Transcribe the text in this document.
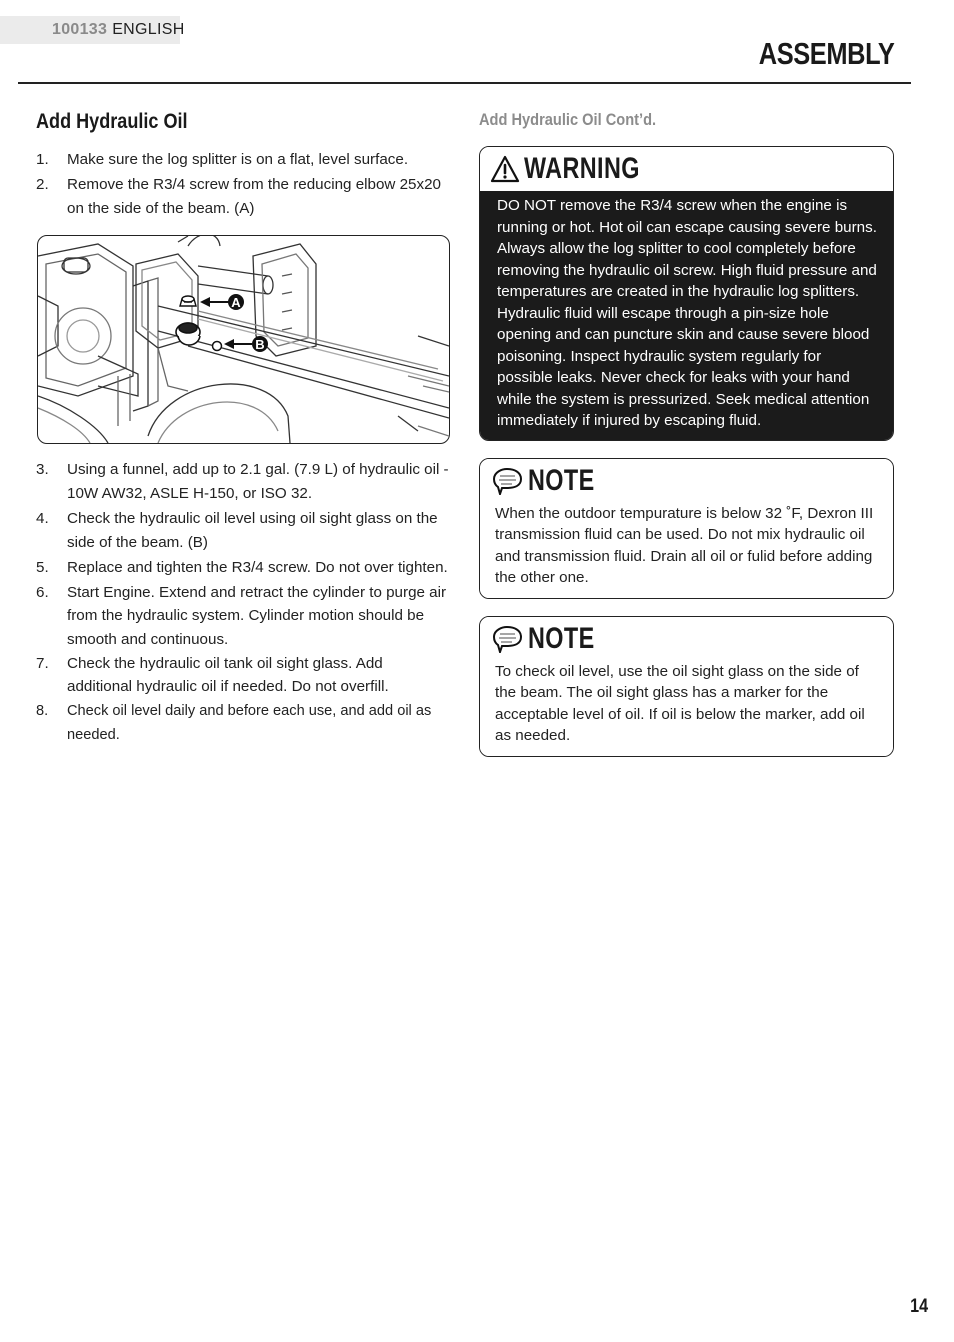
100133 ENGLISH
ASSEMBLY
Add Hydraulic Oil
1. Make sure the log splitter is on a flat, level surface.
2. Remove the R3/4 screw from the reducing elbow 25x20 on the side of the beam. (A)
A
B
3. Using a funnel, add up to 2.1 gal. (7.9 L) of hydraulic oil - 10W AW32, ASLE H-150, or ISO 32.
4. Check the hydraulic oil level using oil sight glass on the side of the beam. (B)
5. Replace and tighten the R3/4 screw. Do not over tighten.
6. Start Engine. Extend and retract the cylinder to purge air from the hydraulic system. Cylinder motion should be smooth and continuous.
7. Check the hydraulic oil tank oil sight glass. Add additional hydraulic oil if needed. Do not overfill.
8. Check oil level daily and before each use, and add oil as needed.
Add Hydraulic Oil Cont’d.
WARNING
DO NOT remove the R3/4 screw when the engine is running or hot. Hot oil can escape causing severe burns. Always allow the log splitter to cool completely before removing the hydraulic oil screw. High fluid pressure and temperatures are created in the hydraulic log splitters. Hydraulic fluid will escape through a pin-size hole opening and can puncture skin and cause severe blood poisoning. Inspect hydraulic system regularly for possible leaks. Never check for leaks with your hand while the system is pressurized. Seek medical attention immediately if injured by escaping fluid.
NOTE
When the outdoor tempurature is below 32 ˚F, Dexron III transmission fluid can be used. Do not mix hydraulic oil and transmission fluid. Drain all oil or fulid before adding the other one.
NOTE
To check oil level, use the oil sight glass on the side of the beam. The oil sight glass has a marker for the acceptable level of oil. If oil is below the marker, add oil as needed.
14
